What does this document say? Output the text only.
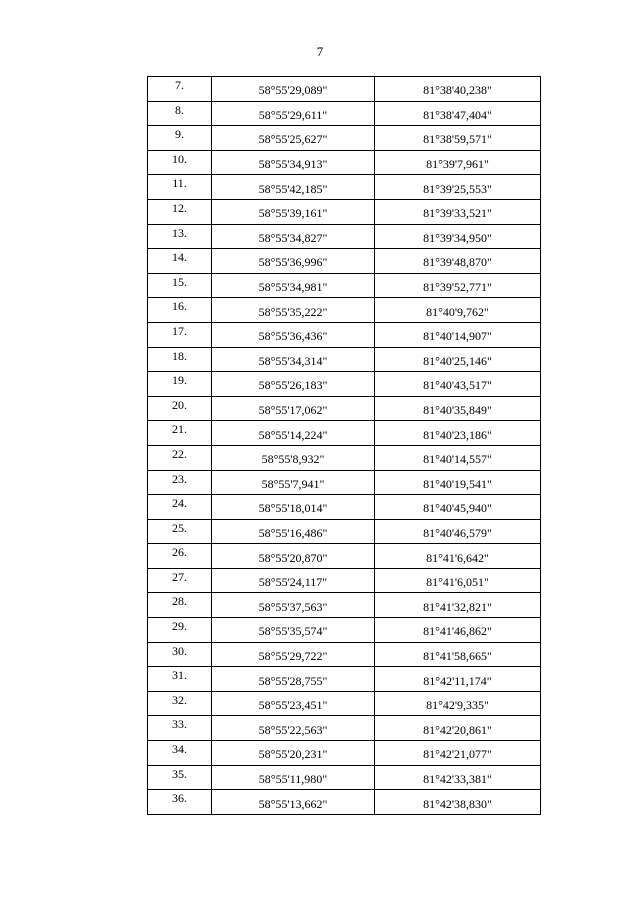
7
7.	58°55'29,089"	81°38'40,238"
8.	58°55'29,611"	81°38'47,404"
9.	58°55'25,627"	81°38'59,571"
10.	58°55'34,913"	81°39'7,961"
11.	58°55'42,185"	81°39'25,553"
12.	58°55'39,161"	81°39'33,521"
13.	58°55'34,827"	81°39'34,950"
14.	58°55'36,996"	81°39'48,870"
15.	58°55'34,981"	81°39'52,771"
16.	58°55'35,222"	81°40'9,762"
17.	58°55'36,436"	81°40'14,907"
18.	58°55'34,314"	81°40'25,146"
19.	58°55'26,183"	81°40'43,517"
20.	58°55'17,062"	81°40'35,849"
21.	58°55'14,224"	81°40'23,186"
22.	58°55'8,932"	81°40'14,557"
23.	58°55'7,941"	81°40'19,541"
24.	58°55'18,014"	81°40'45,940"
25.	58°55'16,486"	81°40'46,579"
26.	58°55'20,870"	81°41'6,642"
27.	58°55'24,117"	81°41'6,051"
28.	58°55'37,563"	81°41'32,821"
29.	58°55'35,574"	81°41'46,862"
30.	58°55'29,722"	81°41'58,665"
31.	58°55'28,755"	81°42'11,174"
32.	58°55'23,451"	81°42'9,335"
33.	58°55'22,563"	81°42'20,861"
34.	58°55'20,231"	81°42'21,077"
35.	58°55'11,980"	81°42'33,381"
36.	58°55'13,662"	81°42'38,830"
